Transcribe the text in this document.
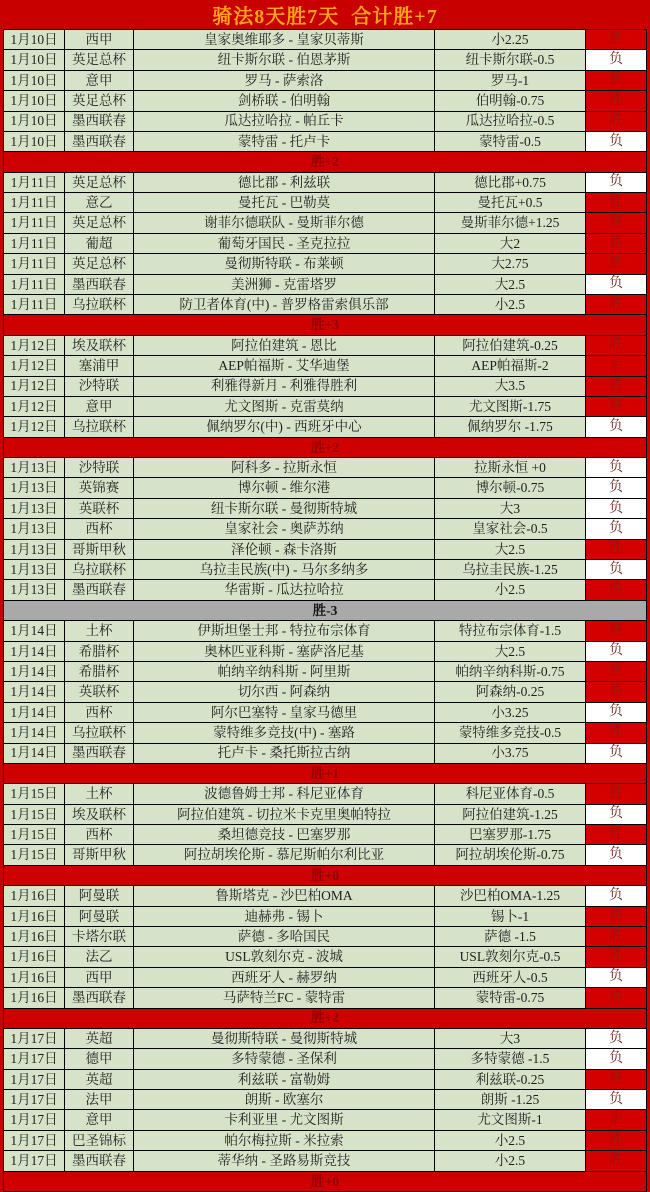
骑法8天胜7天  合计胜+7
1月10日	西甲	皇家奥维耶多 - 皇家贝蒂斯	小2.25	胜
1月10日	英足总杯	纽卡斯尔联 - 伯恩茅斯	纽卡斯尔联-0.5	负
1月10日	意甲	罗马 - 萨索洛	罗马-1	胜
1月10日	英足总杯	剑桥联 - 伯明翰	伯明翰-0.75	胜
1月10日	墨西联春	瓜达拉哈拉 - 帕丘卡	瓜达拉哈拉-0.5	胜
1月10日	墨西联春	蒙特雷 - 托卢卡	蒙特雷-0.5	负
胜+2
1月11日	英足总杯	德比郡 - 利兹联	德比郡+0.75	负
1月11日	意乙	曼托瓦 - 巴勒莫	曼托瓦+0.5	胜
1月11日	英足总杯	谢菲尔德联队 - 曼斯菲尔德	曼斯菲尔德+1.25	胜
1月11日	葡超	葡萄牙国民 - 圣克拉拉	大2	胜
1月11日	英足总杯	曼彻斯特联 - 布莱顿	大2.75	胜
1月11日	墨西联春	美洲狮 - 克雷塔罗	大2.5	负
1月11日	乌拉联杯	防卫者体育(中) - 普罗格雷索俱乐部	小2.5	胜
胜+3
1月12日	埃及联杯	阿拉伯建筑 - 恩比	阿拉伯建筑-0.25	胜
1月12日	塞浦甲	AEP帕福斯 - 艾华迪堡	AEP帕福斯-2	走
1月12日	沙特联	利雅得新月 - 利雅得胜利	大3.5	胜
1月12日	意甲	尤文图斯 - 克雷莫纳	尤文图斯-1.75	胜
1月12日	乌拉联杯	佩纳罗尔(中) - 西班牙中心	佩纳罗尔 -1.75	负
胜+2
1月13日	沙特联	阿科多 - 拉斯永恒	拉斯永恒 +0	负
1月13日	英锦赛	博尔顿 - 维尔港	博尔顿-0.75	负
1月13日	英联杯	纽卡斯尔联 - 曼彻斯特城	大3	负
1月13日	西杯	皇家社会 - 奥萨苏纳	皇家社会-0.5	负
1月13日	哥斯甲秋	泽伦顿 - 森卡洛斯	大2.5	胜
1月13日	乌拉联杯	乌拉圭民族(中) - 马尔多纳多	乌拉圭民族-1.25	负
1月13日	墨西联春	华雷斯 - 瓜达拉哈拉	小2.5	胜
胜-3
1月14日	土杯	伊斯坦堡士邦 - 特拉布宗体育	特拉布宗体育-1.5	胜
1月14日	希腊杯	奥林匹亚科斯 - 塞萨洛尼基	大2.5	负
1月14日	希腊杯	帕纳辛纳科斯 - 阿里斯	帕纳辛纳科斯-0.75	胜
1月14日	英联杯	切尔西 - 阿森纳	阿森纳-0.25	胜
1月14日	西杯	阿尔巴塞特 - 皇家马德里	小3.25	负
1月14日	乌拉联杯	蒙特维多竞技(中) - 塞路	蒙特维多竞技-0.5	胜
1月14日	墨西联春	托卢卡 - 桑托斯拉古纳	小3.75	负
胜+1
1月15日	土杯	波德鲁姆士邦 - 科尼亚体育	科尼亚体育-0.5	胜
1月15日	埃及联杯	阿拉伯建筑 - 切拉米卡克里奥帕特拉	阿拉伯建筑-1.25	负
1月15日	西杯	桑坦德竞技 - 巴塞罗那	巴塞罗那-1.75	胜
1月15日	哥斯甲秋	阿拉胡埃伦斯 - 慕尼斯帕尔利比亚	阿拉胡埃伦斯-0.75	负
胜+0
1月16日	阿曼联	鲁斯塔克 - 沙巴柏OMA	沙巴柏OMA-1.25	负
1月16日	阿曼联	迪赫弗 - 锡卜	锡卜-1	胜
1月16日	卡塔尔联	萨德 - 多哈国民	萨德 -1.5	胜
1月16日	法乙	USL敦刻尔克 - 波城	USL敦刻尔克-0.5	胜
1月16日	西甲	西班牙人 - 赫罗纳	西班牙人-0.5	负
1月16日	墨西联春	马萨特兰FC - 蒙特雷	蒙特雷-0.75	胜
胜+2
1月17日	英超	曼彻斯特联 - 曼彻斯特城	大3	负
1月17日	德甲	多特蒙德 - 圣保利	多特蒙德 -1.5	负
1月17日	英超	利兹联 - 富勒姆	利兹联-0.25	胜
1月17日	法甲	朗斯 - 欧塞尔	朗斯 -1.25	负
1月17日	意甲	卡利亚里 - 尤文图斯	尤文图斯-1	走
1月17日	巴圣锦标	帕尔梅拉斯 - 米拉索	小2.5	胜
1月17日	墨西联春	蒂华纳 - 圣路易斯竞技	小2.5	胜
胜+0
